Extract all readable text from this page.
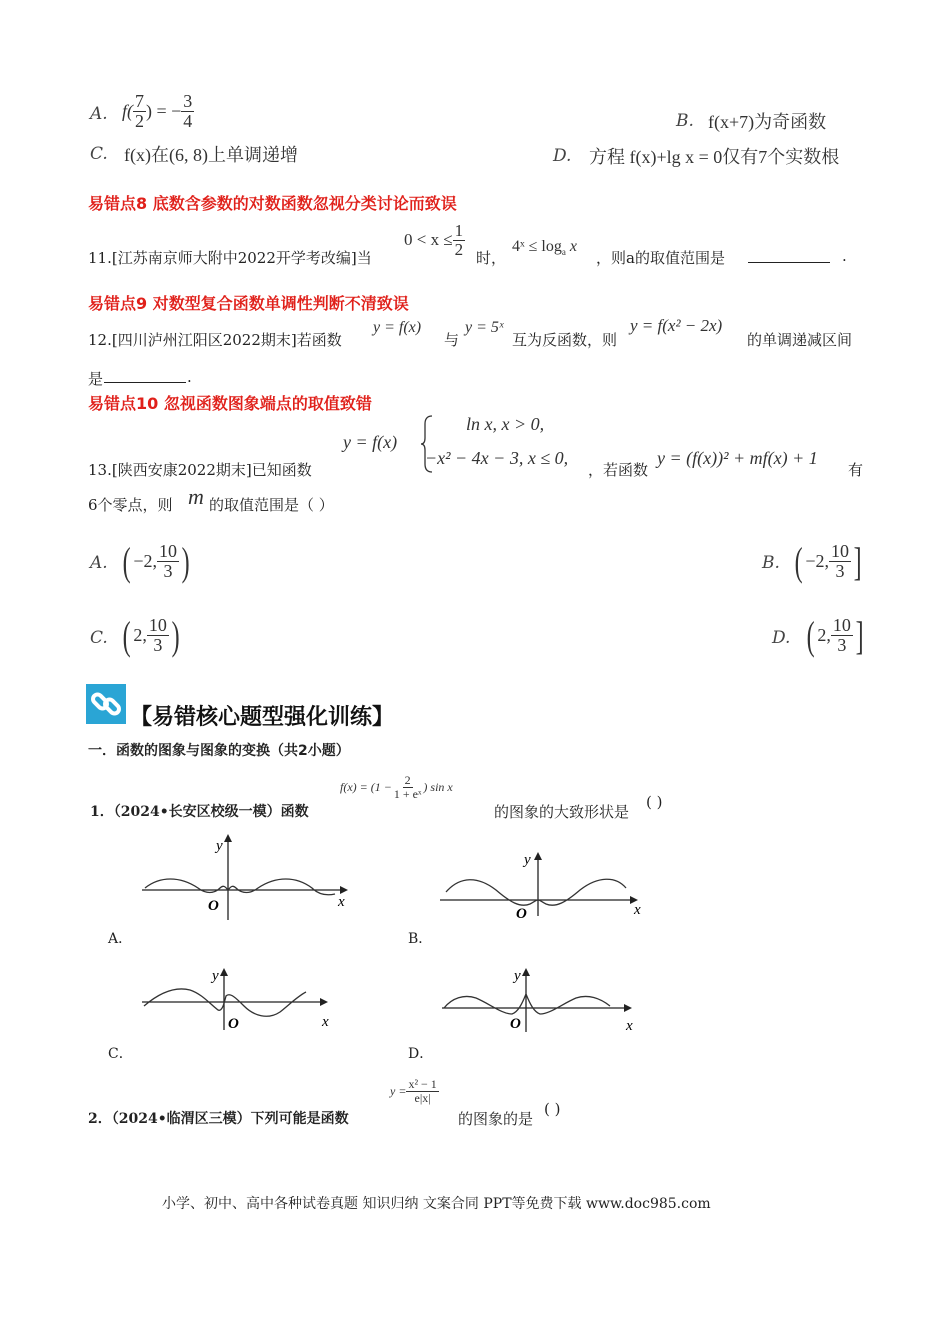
A. $f( \frac{7}{2}$ ) = − $\frac{3}{4}$	B. f(x+7)为奇函数
C. f(x)在(6, 8)上单调递增	D. 方程 f(x)+lg x = 0仅有7个实数根
易错点8 底数含参数的对数函数忽视分类讨论而致误
11.[江苏南京师大附中2022开学考改编]当
$0 < x \le \frac{1}{2}$ 时，
4ˣ ≤ $\log_a x$
，则a的取值范围是	.
易错点9 对数型复合函数单调性判断不清致误
12.[四川泸州江阳区2022期末]若函数
y = f(x)
与
y = 5ˣ
互为反函数，则
y = f(x² − 2x)
的单调递减区间
是	.
易错点10 忽视函数图象端点的取值致错
y = f(x)
ln x, x > 0,
−x² − 4x − 3, x ≤ 0,
13.[陕西安康2022期末]已知函数	，若函数
y = (f(x))² + mf(x) + 1
有
6个零点，则 m 的取值范围是（ ）
A. ( −2, $\frac{10}{3}$ )	B. ( −2, $\frac{10}{3}$ ]
C. ( 2, $\frac{10}{3}$ )	D. ( 2, $\frac{10}{3}$ ]
【易错核心题型强化训练】
一．函数的图象与图象的变换（共2小题）
1．（2024•长安区校级一模）函数
$f(x) = (1 - \frac{2}{\text{1 + eˣ}}$ ) sin x
的图象的大致形状是
( )
y
x
O
A．
y
x
O
B．
y
x
O
C．
y
x
O
D．
2．（2024•临渭区三模）下列可能是函数
$y = \frac{\text{x² − 1}}{e|x|}$
的图象的是
( )
小学、初中、高中各种试卷真题 知识归纳 文案合同 PPT等免费下载 www.doc985.com
